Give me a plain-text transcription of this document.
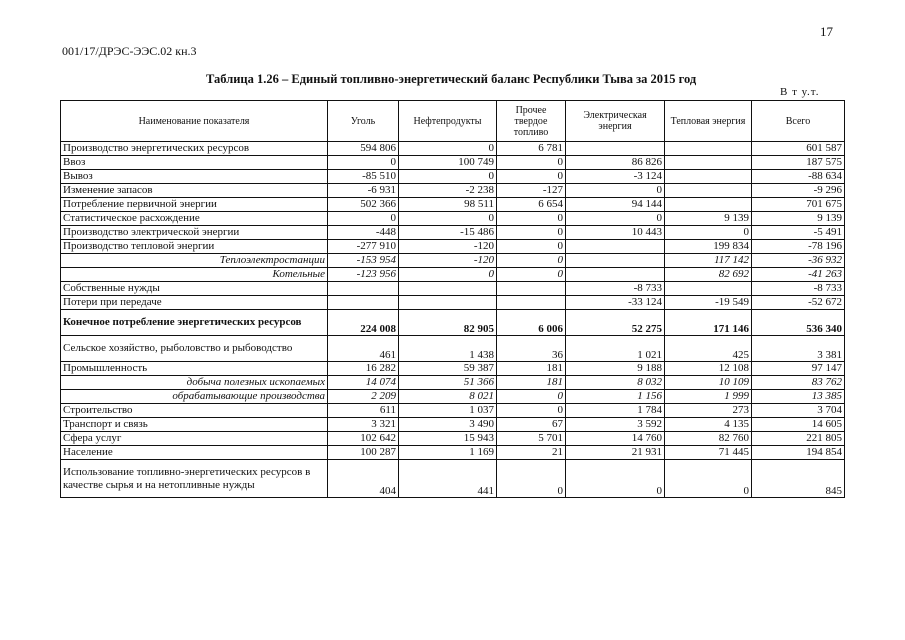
17
001/17/ДРЭС-ЭЭС.02 кн.3
Таблица 1.26 – Единый топливно-энергетический баланс Республики Тыва за 2015 год
В т у.т.
Наименование показателя	Уголь	Нефтепродукты	Прочее твердое топливо	Электрическая энергия	Тепловая энергия	Всего
Производство энергетических ресурсов	594 806	0	6 781			601 587
Ввоз	0	100 749	0	86 826		187 575
Вывоз	-85 510	0	0	-3 124		-88 634
Изменение запасов	-6 931	-2 238	-127	0		-9 296
Потребление первичной энергии	502 366	98 511	6 654	94 144		701 675
Статистическое расхождение	0	0	0	0	9 139	9 139
Производство электрической энергии	-448	-15 486	0	10 443	0	-5 491
Производство тепловой энергии	-277 910	-120	0		199 834	-78 196
Теплоэлектростанции	-153 954	-120	0		117 142	-36 932
Котельные	-123 956	0	0		82 692	-41 263
Собственные нужды				-8 733		-8 733
Потери при передаче				-33 124	-19 549	-52 672
Конечное потребление энергетических ресурсов	224 008	82 905	6 006	52 275	171 146	536 340
Сельское хозяйство, рыболовство и рыбоводство	461	1 438	36	1 021	425	3 381
Промышленность	16 282	59 387	181	9 188	12 108	97 147
добыча полезных ископаемых	14 074	51 366	181	8 032	10 109	83 762
обрабатывающие производства	2 209	8 021	0	1 156	1 999	13 385
Строительство	611	1 037	0	1 784	273	3 704
Транспорт и связь	3 321	3 490	67	3 592	4 135	14 605
Сфера услуг	102 642	15 943	5 701	14 760	82 760	221 805
Население	100 287	1 169	21	21 931	71 445	194 854
Использование топливно-энергетических ресурсов в качестве сырья и на нетопливные нужды	404	441	0	0	0	845
